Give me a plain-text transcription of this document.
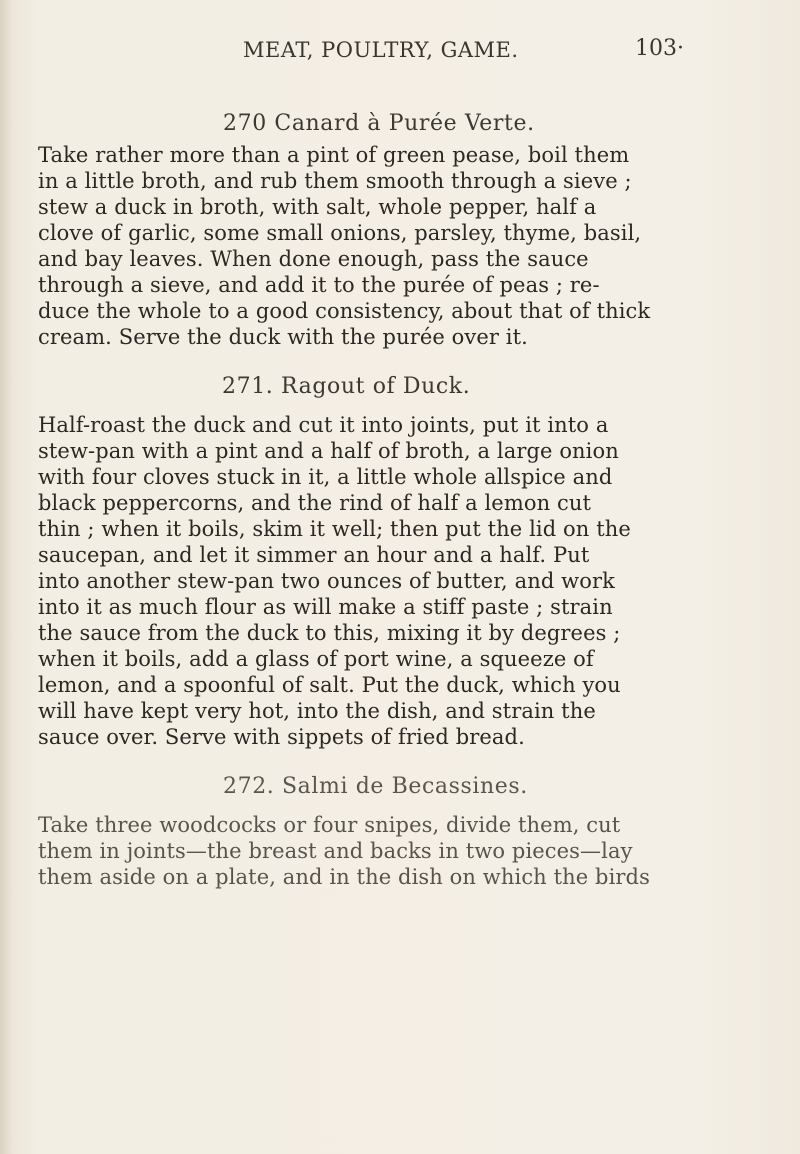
MEAT, POULTRY, GAME.	103·
270 Canard à Purée Verte.
Take rather more than a pint of green pease, boil them
in a little broth, and rub them smooth through a sieve ;
stew a duck in broth, with salt, whole pepper, half a
clove of garlic, some small onions, parsley, thyme, basil,
and bay leaves. When done enough, pass the sauce
through a sieve, and add it to the purée of peas ; re-
duce the whole to a good consistency, about that of thick
cream. Serve the duck with the purée over it.
271. Ragout of Duck.
Half-roast the duck and cut it into joints, put it into a
stew-pan with a pint and a half of broth, a large onion
with four cloves stuck in it, a little whole allspice and
black peppercorns, and the rind of half a lemon cut
thin ; when it boils, skim it well; then put the lid on the
saucepan, and let it simmer an hour and a half. Put
into another stew-pan two ounces of butter, and work
into it as much flour as will make a stiff paste ; strain
the sauce from the duck to this, mixing it by degrees ;
when it boils, add a glass of port wine, a squeeze of
lemon, and a spoonful of salt. Put the duck, which you
will have kept very hot, into the dish, and strain the
sauce over. Serve with sippets of fried bread.
272. Salmi de Becassines.
Take three woodcocks or four snipes, divide them, cut
them in joints—the breast and backs in two pieces—lay
them aside on a plate, and in the dish on which the birds
